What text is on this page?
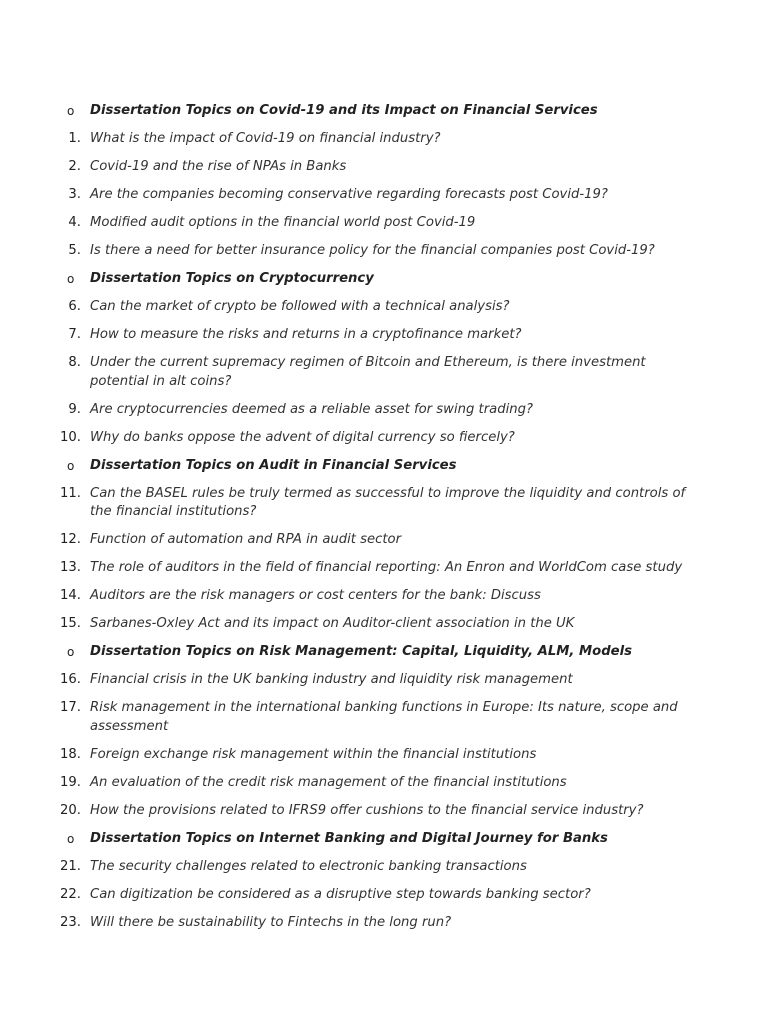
o Dissertation Topics on Covid-19 and its Impact on Financial Services
1. What is the impact of Covid-19 on financial industry?
2. Covid-19 and the rise of NPAs in Banks
3. Are the companies becoming conservative regarding forecasts post Covid-19?
4. Modified audit options in the financial world post Covid-19
5. Is there a need for better insurance policy for the financial companies post Covid-19?
o Dissertation Topics on Cryptocurrency
6. Can the market of crypto be followed with a technical analysis?
7. How to measure the risks and returns in a cryptofinance market?
8. Under the current supremacy regimen of Bitcoin and Ethereum, is there investment potential in alt coins?
9. Are cryptocurrencies deemed as a reliable asset for swing trading?
10. Why do banks oppose the advent of digital currency so fiercely?
o Dissertation Topics on Audit in Financial Services
11. Can the BASEL rules be truly termed as successful to improve the liquidity and controls of the financial institutions?
12. Function of automation and RPA in audit sector
13. The role of auditors in the field of financial reporting: An Enron and WorldCom case study
14. Auditors are the risk managers or cost centers for the bank: Discuss
15. Sarbanes-Oxley Act and its impact on Auditor-client association in the UK
o Dissertation Topics on Risk Management: Capital, Liquidity, ALM, Models
16. Financial crisis in the UK banking industry and liquidity risk management
17. Risk management in the international banking functions in Europe: Its nature, scope and assessment
18. Foreign exchange risk management within the financial institutions
19. An evaluation of the credit risk management of the financial institutions
20. How the provisions related to IFRS9 offer cushions to the financial service industry?
o Dissertation Topics on Internet Banking and Digital Journey for Banks
21. The security challenges related to electronic banking transactions
22. Can digitization be considered as a disruptive step towards banking sector?
23. Will there be sustainability to Fintechs in the long run?
